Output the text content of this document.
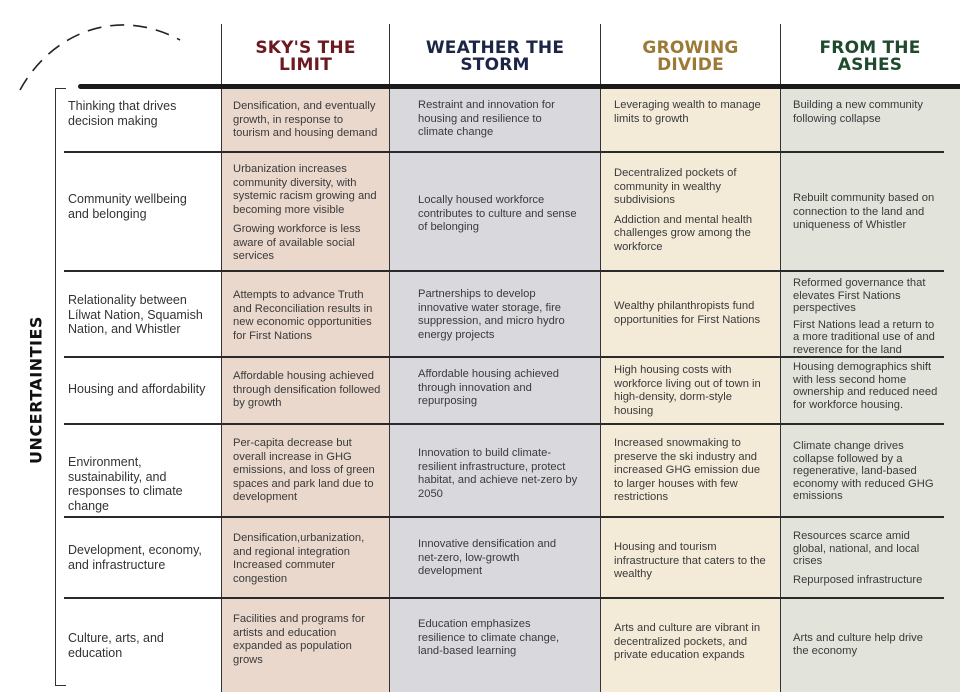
SKY'S THE
LIMIT
WEATHER THE
STORM
GROWING
DIVIDE
FROM THE
ASHES
UNCERTAINTIES
Thinking that drives decision making

Densification, and eventually growth, in response to tourism and housing demand

Restraint and innovation for housing and resilience to climate change

Leveraging wealth to manage limits to growth

Building a new community following collapse

Community wellbeing and belonging

Urbanization increases community diversity, with systemic racism growing and becoming more visible

Growing workforce is less aware of available social services

Locally housed workforce contributes to culture and sense of belonging

Decentralized pockets of community in wealthy subdivisions

Addiction and mental health challenges grow among the workforce

Rebuilt community based on connection to the land and uniqueness of Whistler

Relationality between Lílwat Nation, Squamish Nation, and Whistler

Attempts to advance Truth and Reconciliation results in new economic opportunities for First Nations

Partnerships to develop innovative water storage, fire suppression, and micro hydro energy projects

Wealthy philanthropists fund opportunities for First Nations

Reformed governance that elevates First Nations perspectives

First Nations lead a return to a more traditional use of and reverence for the land

Housing and affordability

Affordable housing achieved through densification followed by growth

Affordable housing achieved through innovation and repurposing

High housing costs with workforce living out of town in high-density, dorm-style housing

Housing demographics shift with less second home ownership and reduced need for workforce housing.

Environment, sustainability, and responses to climate change

Per-capita decrease but overall increase in GHG emissions, and loss of green spaces and park land due to development

Innovation to build climate-resilient infrastructure, protect habitat, and achieve net-zero by 2050

Increased snowmaking to preserve the ski industry and increased GHG emission due to larger houses with few restrictions

Climate change drives collapse followed by a regenerative, land-based economy with reduced GHG emissions

Development, economy, and infrastructure

Densification,urbanization, and regional integration Increased commuter congestion

Innovative densification and net-zero, low-growth development

Housing and tourism infrastructure that caters to the wealthy

Resources scarce amid global, national, and local crises

Repurposed infrastructure

Culture, arts, and education

Facilities and programs for artists and education expanded as population grows

Education emphasizes resilience to climate change, land-based learning

Arts and culture are vibrant in decentralized pockets, and private education expands

Arts and culture help drive the economy
